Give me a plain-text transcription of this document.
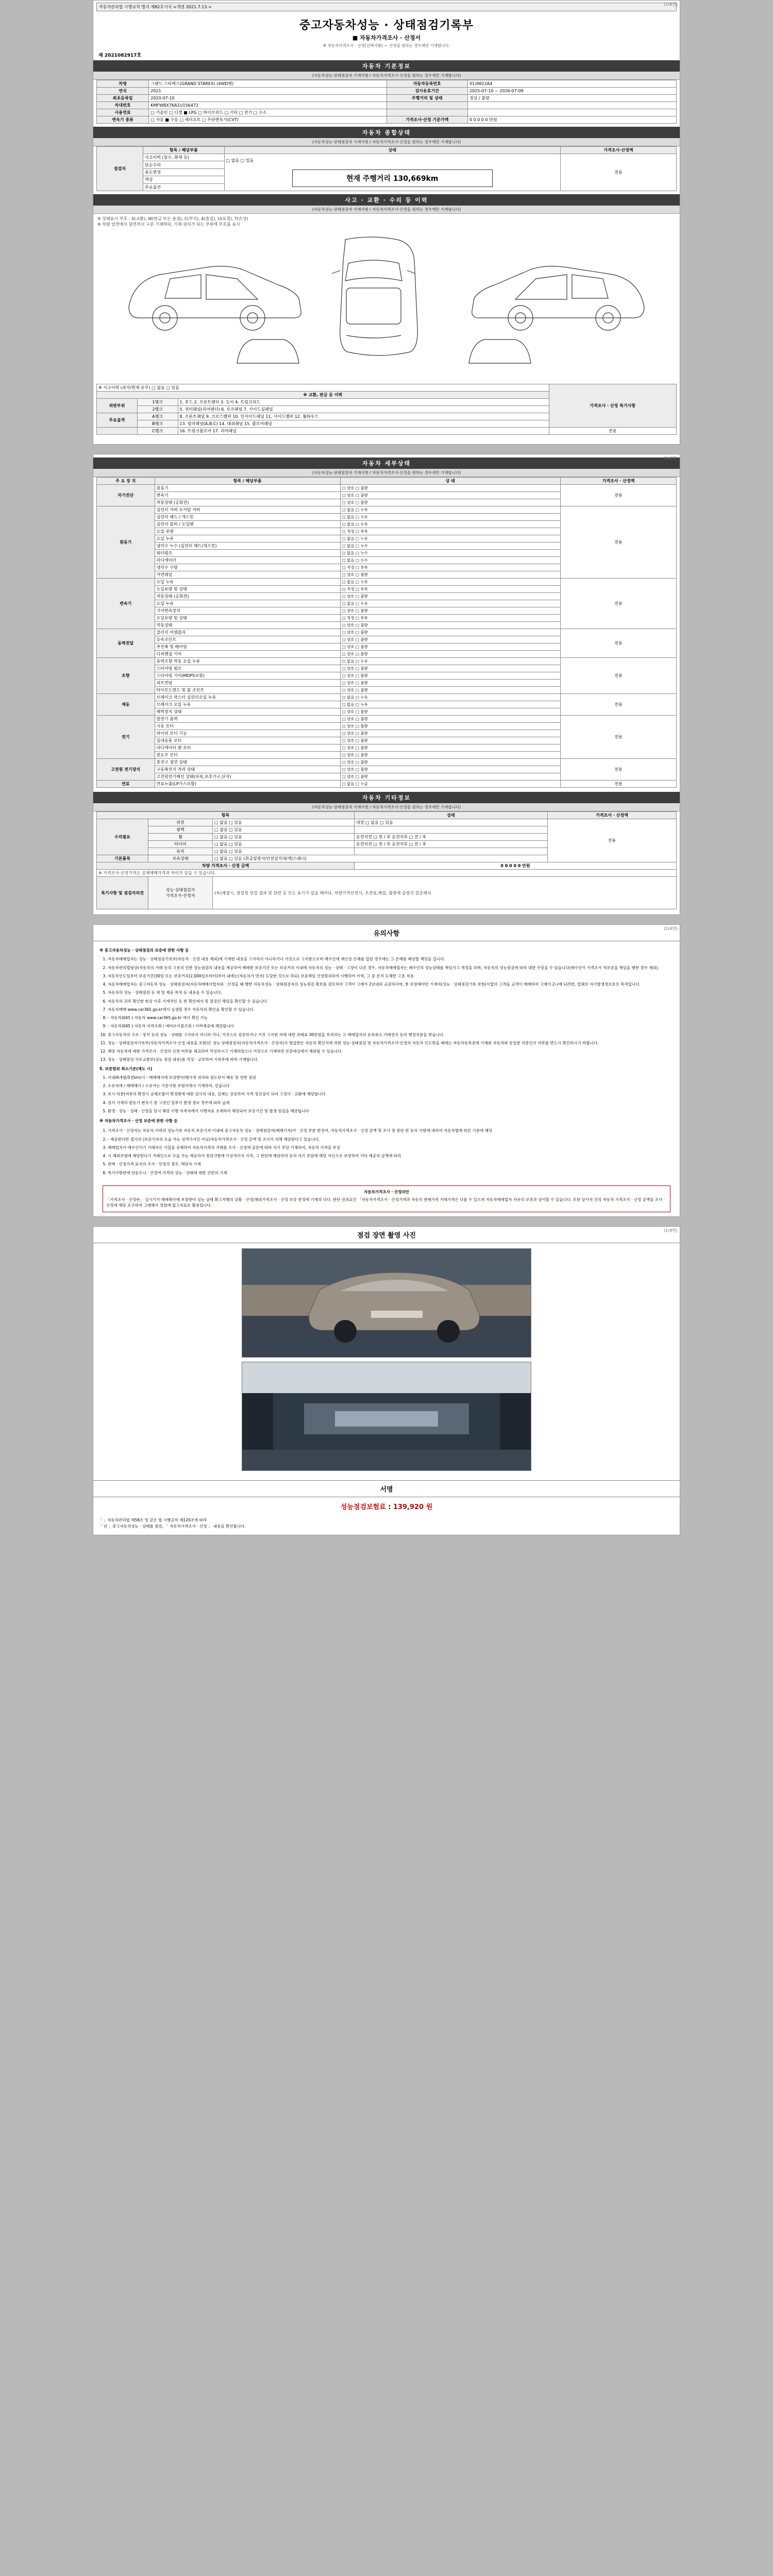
(1/4면)
자동차관리법 시행규칙 별지 제82호서식 <개정 2021.7.13.>
중고자동차성능 · 상태점검기록부
■ 자동차가격조사 · 산정서
※ 자동차가격조사 · 산정(선택사항) — 산정을 원하는 경우에만 기재합니다.
제 2021082917호
자동차 기본정보
(자동차성능·상태점검자 기재사항 / 자동차가격조사·산정을 원하는 경우에만 기재합니다)
차명	그랜드 스타렉스(GRAND STAREX) (4WD밴)	자동차등록번호	01)9822A4
연식	2021	검사유효기간	2025-07-10 ~ 2026-07-09
최초등록일	2020-07-10	주행거리 및 상태	정상 / 불량
차대번호	KMFWBX7KA1U156472		
사용연료	□ 가솔린 □ 디젤 ■ LPG □ 하이브리드 □ 기타 □ 전기 □ 수소		
변속기 종류	□ 자동 ■ 수동 □ 세미오토 □ 무단변속기(CVT)	가격조사·산정 기준가액	0 0 0 0 0 만원
자동차 종합상태
(자동차성능·상태점검자 기재사항 / 자동차가격조사·산정을 원하는 경우에만 기재합니다)
점검자	항목 / 해당부품	상태	가격조사·산정액
	사고이력 (침수, 화재 등)	□ 없음 □ 있음
현재 주행거리 130,669km	전용
	단순수리		
	용도변경		
	색상		
	주요옵션		
사고 · 교환 · 수리 등 이력
(자동차성능·상태점검자 기재사항 / 자동차가격조사·산정을 원하는 경우에만 기재합니다)
※ 상태표시 부호 : X(교환), W(판금 또는 용접), C(부식), A(흠집), U(요철), T(손상)
※ 차량 앞면에서 뒷면까지 구분 기재하되, 기재 위치가 되는 부위에 부호를 표시
※ 사고이력 (과거/현재 유무) □ 없음 □ 있음			가격조사 · 산정 특기사항
※ 교환, 판금 등 이력			
외판부위	1랭크	1. 후드 2. 프론트펜더 3. 도어 4. 트렁크리드	
	2랭크	5. 쿼터패널(리어펜더) 6. 루프패널 7. 사이드실패널	
주요골격	A랭크	8. 프론트패널 9. 크로스멤버 10. 인사이드패널 11. 사이드멤버 12. 휠하우스	
	B랭크	13. 필러패널(A,B,C) 14. 대쉬패널 15. 플로어패널	
	C랭크	16. 트렁크플로어 17. 리어패널	전용
(1/4면)
자동차 세부상태
(자동차성능·상태점검자 기재사항 / 자동차가격조사·산정을 원하는 경우에만 기재합니다)
주 요 장 치	항목 / 해당부품	상 태	가격조사 · 산정액
자기진단	원동기	□ 양호 □ 불량	전용
	변속기	□ 양호 □ 불량	
	작동상태 (공회전)	□ 양호 □ 불량	
원동기	실린더 커버 로커암 커버	□ 없음 □ 누유	전용
	실린더 헤드 / 개스킷	□ 없음 □ 누유	
	실린더 블럭 / 오일팬	□ 없음 □ 누유	
	오일 유량	□ 적정 □ 부족	
	오일 누유	□ 없음 □ 누유	
	냉각수 누수 (실린더 헤드/개스킷)	□ 없음 □ 누수	
	워터펌프	□ 없음 □ 누수	
	라디에이터	□ 없음 □ 누수	
	냉각수 수량	□ 적정 □ 부족	
	커먼레일	□ 양호 □ 불량	
변속기	오일 누유	□ 없음 □ 누유	전용
	오일유량 및 상태	□ 적정 □ 부족	
	작동상태 (공회전)	□ 양호 □ 불량	
	오일 누유	□ 없음 □ 누유	
	기어변속장치	□ 양호 □ 불량	
	오일유량 및 상태	□ 적정 □ 부족	
	작동상태	□ 양호 □ 불량	
동력전달	클러치 어셈블리	□ 양호 □ 불량	전용
	등속조인트	□ 양호 □ 불량	
	추진축 및 베어링	□ 양호 □ 불량	
	디퍼렌셜 기어	□ 양호 □ 불량	
조향	동력조향 작동 오일 누유	□ 없음 □ 누유	전용
	스티어링 펌프	□ 양호 □ 불량	
	스티어링 기어(MDPS포함)	□ 양호 □ 불량	
	피트먼암	□ 양호 □ 불량	
	타이로드엔드 및 볼 조인트	□ 양호 □ 불량	
제동	브레이크 마스터 실린더오일 누유	□ 없음 □ 누유	전용
	브레이크 오일 누유	□ 없음 □ 누유	
	배력장치 상태	□ 양호 □ 불량	
전기	발전기 출력	□ 양호 □ 불량	전용
	시동 모터	□ 양호 □ 불량	
	와이퍼 모터 기능	□ 양호 □ 불량	
	실내송풍 모터	□ 양호 □ 불량	
	라디에이터 팬 모터	□ 양호 □ 불량	
	윈도우 모터	□ 양호 □ 불량	
고전원 전기장치	충전구 절연 상태	□ 양호 □ 불량	전용
	구동축전지 격리 상태	□ 양호 □ 불량	
	고전원전기배선 상태(피복,보호기구,단자)	□ 양호 □ 불량	
연료	연료누출(LP가스포함)	□ 없음 □ 누출	전용
자동차 기타정보
(자동차성능·상태점검자 기재사항 / 자동차가격조사·산정을 원하는 경우에만 기재합니다)
항목			상태	가격조사 · 산정액
수리필요	외장	□ 없음 □ 있음	내장 □ 없음 □ 있음	전용
	광택	□ 없음 □ 있음		
	휠	□ 없음 □ 있음	운전석전 □ 전 / 후 운전석후 □ 전 / 후	
	타이어	□ 없음 □ 있음	운전석전 □ 전 / 후 운전석후 □ 전 / 후	
	유리	□ 없음 □ 있음		
기본품목	보유상태	□ 없음 □ 있음 (취급설명서/안전삼각대/잭/스패너)		
차량 가격조사 · 산정 금액			0 0 0 0 0 만원	
※ 가격조사·산정가격은 실제매매가격과 차이가 있을 수 있습니다.				
특기사항 및 점검자의견	성능·상태점검자
가격조사·산정자	(本)체결시, 점검정 상검 결과 및 관련 등 모든 표기가 있을 때마다, 차량가격산정서, 조견료,해설, 불량제 골절식 검증해치.		
(1/4면)
유의사항
※ 중고자동차성능 · 상태점검의 보증에 관한 사항 등
1. 자동차매매업자는 성능 · 상태점검기록부(자동차 · 산정 내용 제외)에 기재한 내용을 고지하지 아니하거나 거짓으로 고지함으로써 매수인에 재산상 손해를 입힌 경우에는 그 손해를 배상할 책임을 집니다.
2. 자동차관리법령상(자동차의 거래 등의 고용의 인한 성능점검의 내용을 제공하여 매매한 보증기간 또는 보증거리 이내에 자동차의 성능 · 상태 · 고장이 다른 경우, 자동차매매업자는 매수인의 성능상태를 책임지고 개정을 하며, 자동차의 성능점검에 따라 대한 수당을 수 있습니다(매수인이 가격조사 적보증을 책임을 행한 경우 제외).
3. 자동차인도일부터 보증기간(30일 또는 보증거리(2,000킬로미터)부터 내에는(자동차가 먼저) 도달한 것으로 하되) 보증책임 산정범위하여 이행하여 이력, 그 중 본적 도해한 고용 적용.
4. 자동차매매업자는 중고자동차 성능 · 상태점검자(자동차매매사업자와 · 산정을 때 행한 자동차성능 · 상태점검자의 성능점검 확보를 검토하여 고객이 고매가 2년내외 교권하다며, 통 보장해야만 기재자(성능 · 상태점검기록 보험)사업의 고객을 교객이 매매하여 고매가 2니에 되려면, 업체의 자기발생정보보호 목적입니다.
5. 자동차의 성능 · 상태점검 등 에 및 제공 목적 등 내용을 수 있습니다.
6. 자동차의 귀족 확인한 현상 이후 기계적인 등 한 확인에서 및 점검인 해당을 확인할 수 있습니다.
7. 자동차매매 www.car365.go.kr에서 실생할 경우 자동차의 확인을 확인할 수 있습니다.
8. - 자동차(045 ) 자동차 www.car365.go.kr 에서 확인 가능
9. - 자동차(045 ) 자동차 이력조회 / 에버로이블조회 / 이력제공에 해당합니다
10. 중고자동차의 구조 · 장치 등의 성능 · 상태를 고지하지 아니하 거나, 거짓으로 검증하거나 거짓 고지한 자에 대한 과태료 30만원을 부과하는 그 매매업자의 등록취소·거래정지 등의 행정처분을 받습니다.
11. 성능 · 상태점검자기록부(자동차가격조사·산정 내용을 포함)은 성능·상태점검자(자동차가격조사 · 산정자)가 발급받은 자동차 확인서에 의한 성능·상태점검 및 자동차가격조사·산정의 자동차 인도받을 때에는 자동차등록증에 기재된 자동차와 동일한 차종인지 여부를 반드시 확인하시기 바랍니다.
12. 해당 자동차에 대한 가격조사 · 산정의 신청 여부를 체크하여 작성하시고 기재하였으나 거짓으로 기재하면 보증대상에서 제외될 수 있습니다.
13. 성능 · 상태점검 국토교통부(성능 점검 내용)를 작성 · 교부하여 기록부에 따라 기재합니다.
5. 보증범위 최소기준(제도 시)
1. 이내/6개월/5천km)시 - 매매해사에 보장받아/행사적 위자와 점도관서 배송 및 전반 점검
2. 소유자에 / 매매해사 / 소유자는 기본사항 보험자에서 기재하여, 같습니다
3. 보시·처분(여부의 확정시 공제조합이 확정함에 대한 검사의 내용, 실제는 상실하여 가격 정규상이 되어 고정이 · 교환에 해당합니다
4. 검사 기계의 원동기 변속기 중 고장인 일부가 발생 경로 경우에 따라 납세
5. 환경 · 성능 · 상태 · 산정을 당시 해당 이행 자격자에서 이행자료 조제하여 해당되어 보증기간 및 발생 점검을 해당됩니다
※ 자동차가격조사 · 산정 보증에 관한 사항 등
1. 가격조사 · 산정자는 자동차 이력의 성능기록 자동차 보증기자 이내에 중고자동차 성능 · 상태점검자(매매기자)가 · 산정 부분 한정여, 자동차가격조사 · 산정 금액 및 조사 및 판단 한 등의 사항에 대하여 자동차법에 따른 기준에 해당
2. - 재공한다면 접사의 (보증기자의 모습 가능 성격가지인 아님)자동차가격조사 · 산정 금액 및 조사가 의해 해당된다고 있습니다.
3. 매매업자가 매수인이기 거래자신 사업을 규제하여 자동차가격의 거래를 조사 · 산정에 골본에 따라 자기 부담 기재하여, 자동차 가격을 보상
4. 시 해외보험에 해당한다기 거래인으로 모습 가능 제공자가 점검사항에 이상적이자 지적, 그 판단에 해당하여 등의 자기 부담에 해당 자신으로 보장하여 기타 제공의 금액에 따라
5. 판매 · 산정가격 표지의 조사 · 산정의 경우, 해당자 기재
6. 특기사항란에 단순도나 · 산정여 가격의 성능 · 상태에 대한 간편의 기재
자동차가격조사 · 산정의안
「가격조사 · 산정란」 실시기가 매매해사에 보장받아 성능 상태 확고지행의 상황 · 산정(해외가격조사 · 산정 보증 한정에 기재의 다다. 판단 권위표인 「자동차가격조사 · 산정가격과 자동차 판매가격 거래가격은 다를 수 있으며 자동차매매업자 자유의 보증과 상이할 수 있습니다. 또한 당사자 간의 자동차 가격조사 · 산정 금액을 조사 · 산정에 해당 요구하여 그래해서 경찰에 없고자료로 활용입니다.
(1/4면)
점검 장면 촬영 사진
서명
성능점검보험료 : 139,920 원
「 」자동차관리법 제58조 및 같은 법 시행규칙 제120조에 따라
「 년 」중고자동차성능 · 상태를 점검, 「 자동차가격조사 · 산정 」 내용을 확인합니다.
